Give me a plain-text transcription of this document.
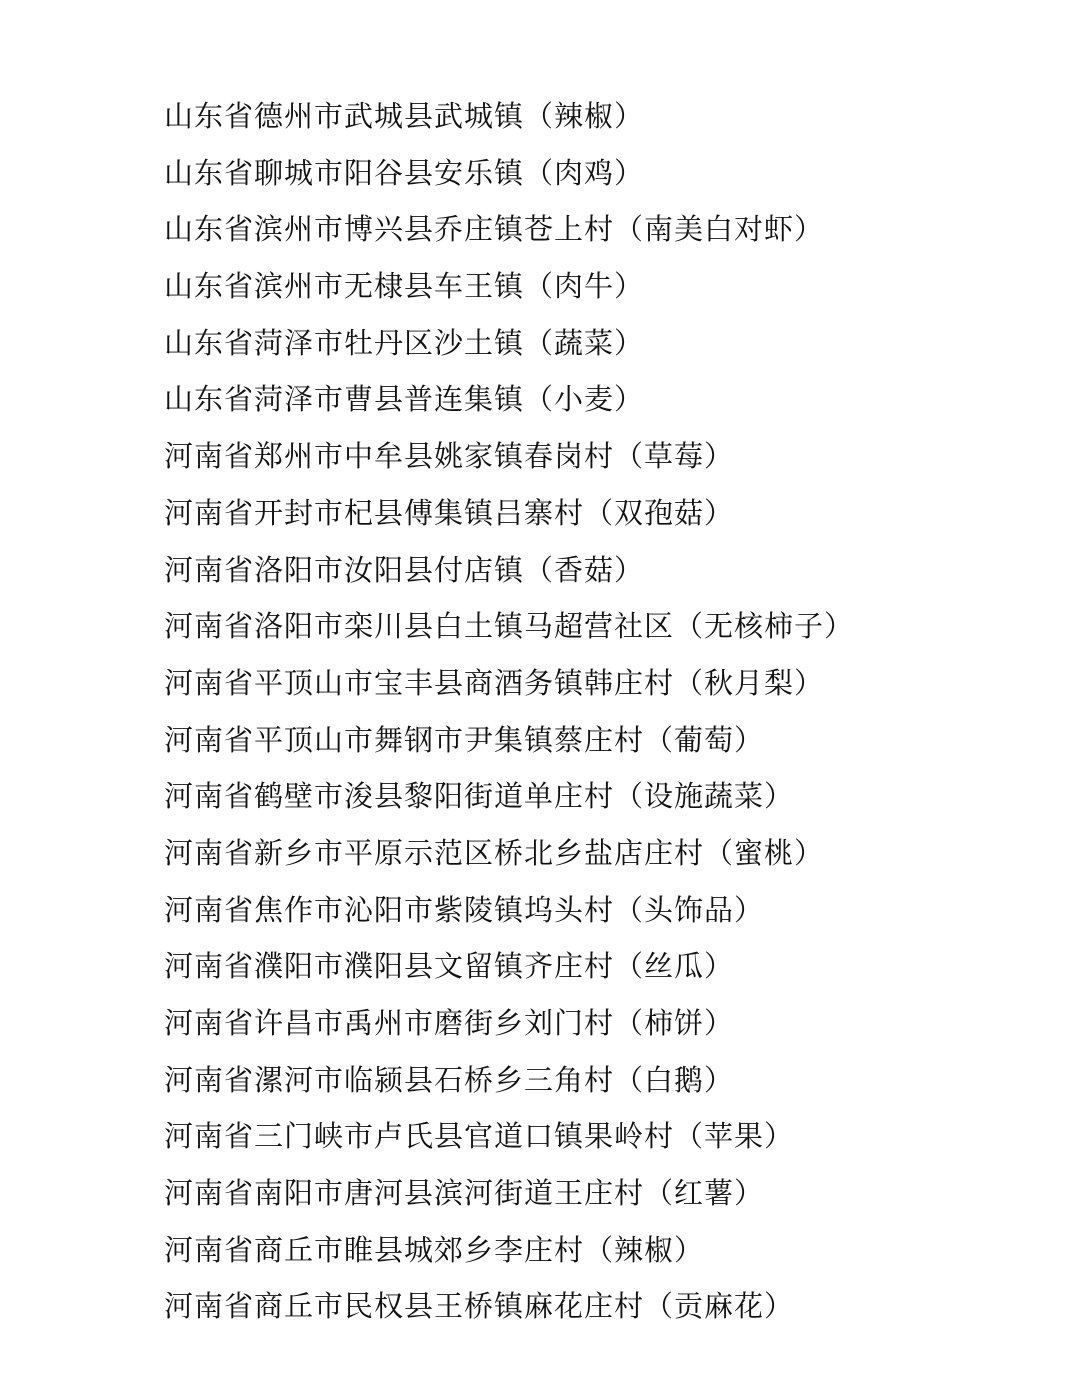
山东省德州市武城县武城镇（辣椒）
山东省聊城市阳谷县安乐镇（肉鸡）
山东省滨州市博兴县乔庄镇苍上村（南美白对虾）
山东省滨州市无棣县车王镇（肉牛）
山东省菏泽市牡丹区沙土镇（蔬菜）
山东省菏泽市曹县普连集镇（小麦）
河南省郑州市中牟县姚家镇春岗村（草莓）
河南省开封市杞县傅集镇吕寨村（双孢菇）
河南省洛阳市汝阳县付店镇（香菇）
河南省洛阳市栾川县白土镇马超营社区（无核柿子）
河南省平顶山市宝丰县商酒务镇韩庄村（秋月梨）
河南省平顶山市舞钢市尹集镇蔡庄村（葡萄）
河南省鹤壁市浚县黎阳街道单庄村（设施蔬菜）
河南省新乡市平原示范区桥北乡盐店庄村（蜜桃）
河南省焦作市沁阳市紫陵镇坞头村（头饰品）
河南省濮阳市濮阳县文留镇齐庄村（丝瓜）
河南省许昌市禹州市磨街乡刘门村（柿饼）
河南省漯河市临颍县石桥乡三角村（白鹅）
河南省三门峡市卢氏县官道口镇果岭村（苹果）
河南省南阳市唐河县滨河街道王庄村（红薯）
河南省商丘市睢县城郊乡李庄村（辣椒）
河南省商丘市民权县王桥镇麻花庄村（贡麻花）
